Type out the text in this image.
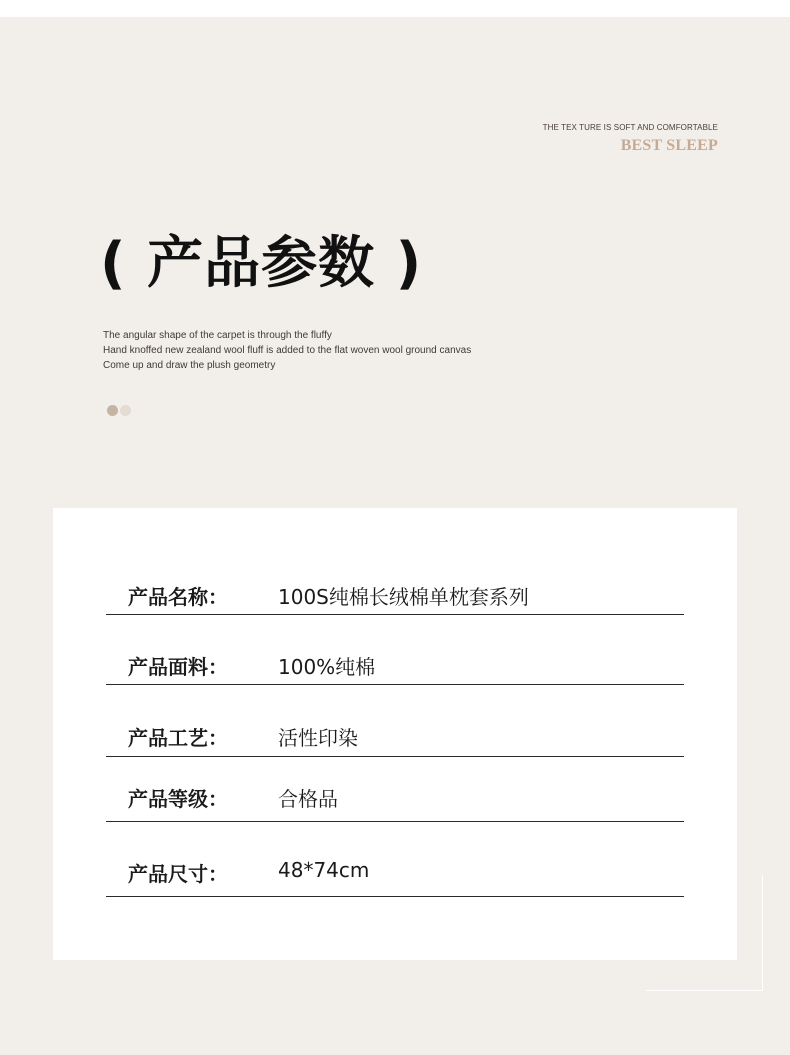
THE TEX TURE IS SOFT AND COMFORTABLE
BEST SLEEP
( 产品参数 )
The angular shape of the carpet is through the fluffy
Hand knoffed new zealand wool fluff is added to the flat woven wool ground canvas
Come up and draw the plush geometry
产品名称：	100S纯棉长绒棉单枕套系列
产品面料：	100%纯棉
产品工艺：	活性印染
产品等级：	合格品
产品尺寸：	48*74cm
